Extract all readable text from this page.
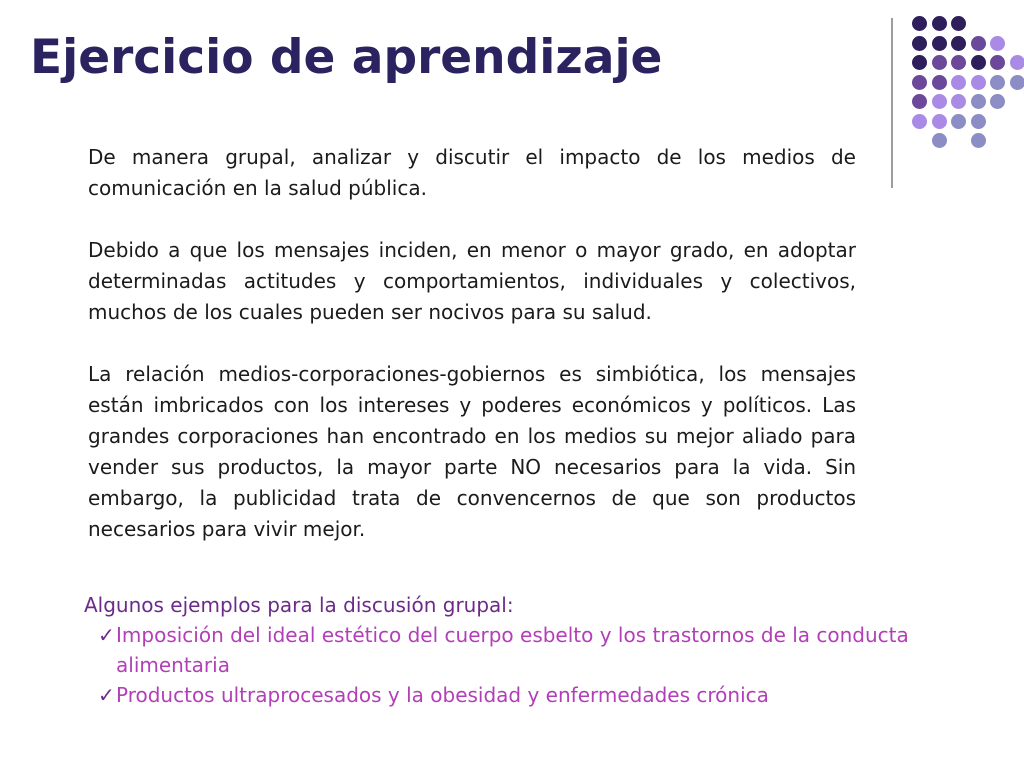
Ejercicio de aprendizaje

De manera grupal, analizar y discutir el impacto de los medios de comunicación en la salud pública.

Debido a que los mensajes inciden, en menor o mayor grado, en adoptar determinadas actitudes y comportamientos, individuales y colectivos, muchos de los cuales pueden ser nocivos para su salud.

La relación medios-corporaciones-gobiernos es simbiótica, los mensajes están imbricados con los intereses y poderes económicos y políticos. Las grandes corporaciones han encontrado en los medios su mejor aliado para vender sus productos, la mayor parte NO necesarios para la vida. Sin embargo, la publicidad trata de convencernos de que son productos necesarios para vivir mejor.

Algunos ejemplos para la discusión grupal:

✓ Imposición del ideal estético del cuerpo esbelto y los trastornos de la conducta alimentaria
✓ Productos ultraprocesados y la obesidad y enfermedades crónica
